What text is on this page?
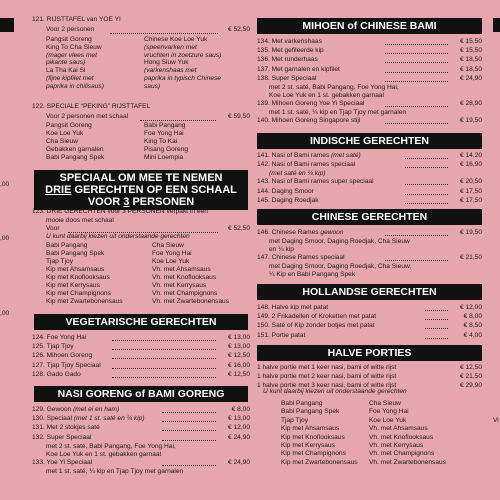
,00
,00
,00
121. RIJSTTAFEL van YOE YI
Voor 2 personen	€ 52,50
Pangsit Goreng
King To Cha Sieuw
(mager vlees met
pikante saus)
La Tha Kai Si
(fijne kipfilet met
paprika in chilisaus)
Chinese Koe Loe Yuk
(speenvarken met
vruchten in zoetzure saus)
Hong Siuw Yuk
(varkenshaas met
paprika in typisch Chinese
saus)
122. SPECIALE “PEKING” RIJSTTAFEL
Voor 2 personen met schaal	€ 59,50
Pangsit Goreng
Koe Loe Yuk
Cha Sieuw
Gebakken garnalen
Babi Pangang Spek
Babi Pangang
Foe Yong Hai
King To Kai
Pisang Goreng
Mini Loempia
SPECIAAL OM MEE TE NEMEN
DRIE GERECHTEN OP EEN SCHAAL
VOOR 3 PERSONEN
123. DRIE GERECHTEN voor 3 PERSONEN verpakt in een
mooie doos met schaal
Voor	€ 52,50
U kunt daarbij kiezen uit onderstaande gerechten
Babi Pangang
Babi Pangang Spek
Tjap Tjoy
Kip met Ahsamsaus
Kip met Knoflooksaus
Kip met Kerrysaus
Kip met Champignons
Kip met Zwartebonensaus
Cha Sieuw
Foe Yong Hai
Koe Loe Yuk
Vh. met Ahsamsaus
Vh. met Knoflooksaus
Vh. met Kerrysaus
Vh. met Champignons
Vh. met Zwartebonensaus
VEGETARISCHE GERECHTEN
124. Foe Yong Hai	€ 13,00
125. Tjap Tjoy	€ 13,00
126. Mihoen Goreng	€ 12,50
127. Tjap Tjoy Speciaal	€ 16,00
128. Gado Gado	€ 12,50
NASI GORENG of BAMI GORENG
129. Gewoon (met ei en ham)	€ 8,00
130. Speciaal (met 1 st. saté en ¼ kip)	€ 13,00
131. Met 2 stokjes saté	€ 12,00
132. Super Speciaal	€ 24,90
met 2 st. saté, Babi Pangang, Foe Yong Hai,
Koe Loe Yuk en 1 st. gebakken garnaal
133. Yoe Yi Speciaal	€ 24,90
met 1 st. saté, ¼ kip en Tjap Tjoy met garnalen
MIHOEN of CHINESE BAMI
134. Met varkenshaas	€ 15,50
135. Met gefileerde kip	€ 15,50
136. Met runderhaas	€ 18,50
137. Met garnalen en kipfilet	€ 18,50
138. Super Speciaal	€ 24,90
met 2 st. saté, Babi Pangang, Foe Yong Hai,
Koe Loe Yuk en 1 st. gebakken garnaal
139. Mihoen Goreng Yoe Yi Speciaal	€ 28,90
met 1 st. saté, ¼ kip en Tjap Tjoy met garnalen
140. Mihoen Goreng Singapore stijl	€ 19,50
INDISCHE GERECHTEN
141. Nasi of Bami rames (met saté)	€ 14,20
142. Nasi of Bami rames speciaal	€ 16,90
(met saté en ¼ kip)
143. Nasi of Bami rames super speciaal	€ 20,50
144. Daging Smoor	€ 17,50
145. Daging Roedjak	€ 17,50
CHINESE GERECHTEN
146. Chinese Rames gewoon	€ 19,50
met Daging Smoor, Daging Roedjak, Cha Sieuw
en ¼ kip
147. Chinese Rames speciaal	€ 21,50
met Daging Smoor, Daging Roedjak, Cha Sieuw,
¼ Kip en Babi Pangang Spek
HOLLANDSE GERECHTEN
148. Halve kip met patat	€ 12,00
149. 2 Frikadellen of Kroketten met patat	€ 8,00
150. Saté of Kip zonder botjes met patat	€ 8,50
151. Portie patat	€ 4,00
HALVE PORTIES
1 halve portie met 1 keer nasi, bami of witte rijst	€ 12,50
1 halve portie met 2 keer nasi, bami of witte rijst	€ 21,50
1 halve portie met 3 keer nasi, bami of witte rijst	€ 29,90
U kunt daarbij kiezen uit onderstaande gerechten
Babi Pangang
Babi Pangang Spek
Tjap Tjoy
Kip met Ahsamsaus
Kip met Knoflooksaus
Kip met Kerrysaus
Kip met Champignons
Kip met Zwartebonensaus
Cha Sieuw
Foe Yong Hai
Koe Loe Yuk
Vh. met Ahsamsaus
Vh. met Knoflooksaus
Vh. met Kerrysaus
Vh. met Champignons
Vh. met Zwartebonensaus
Vi
